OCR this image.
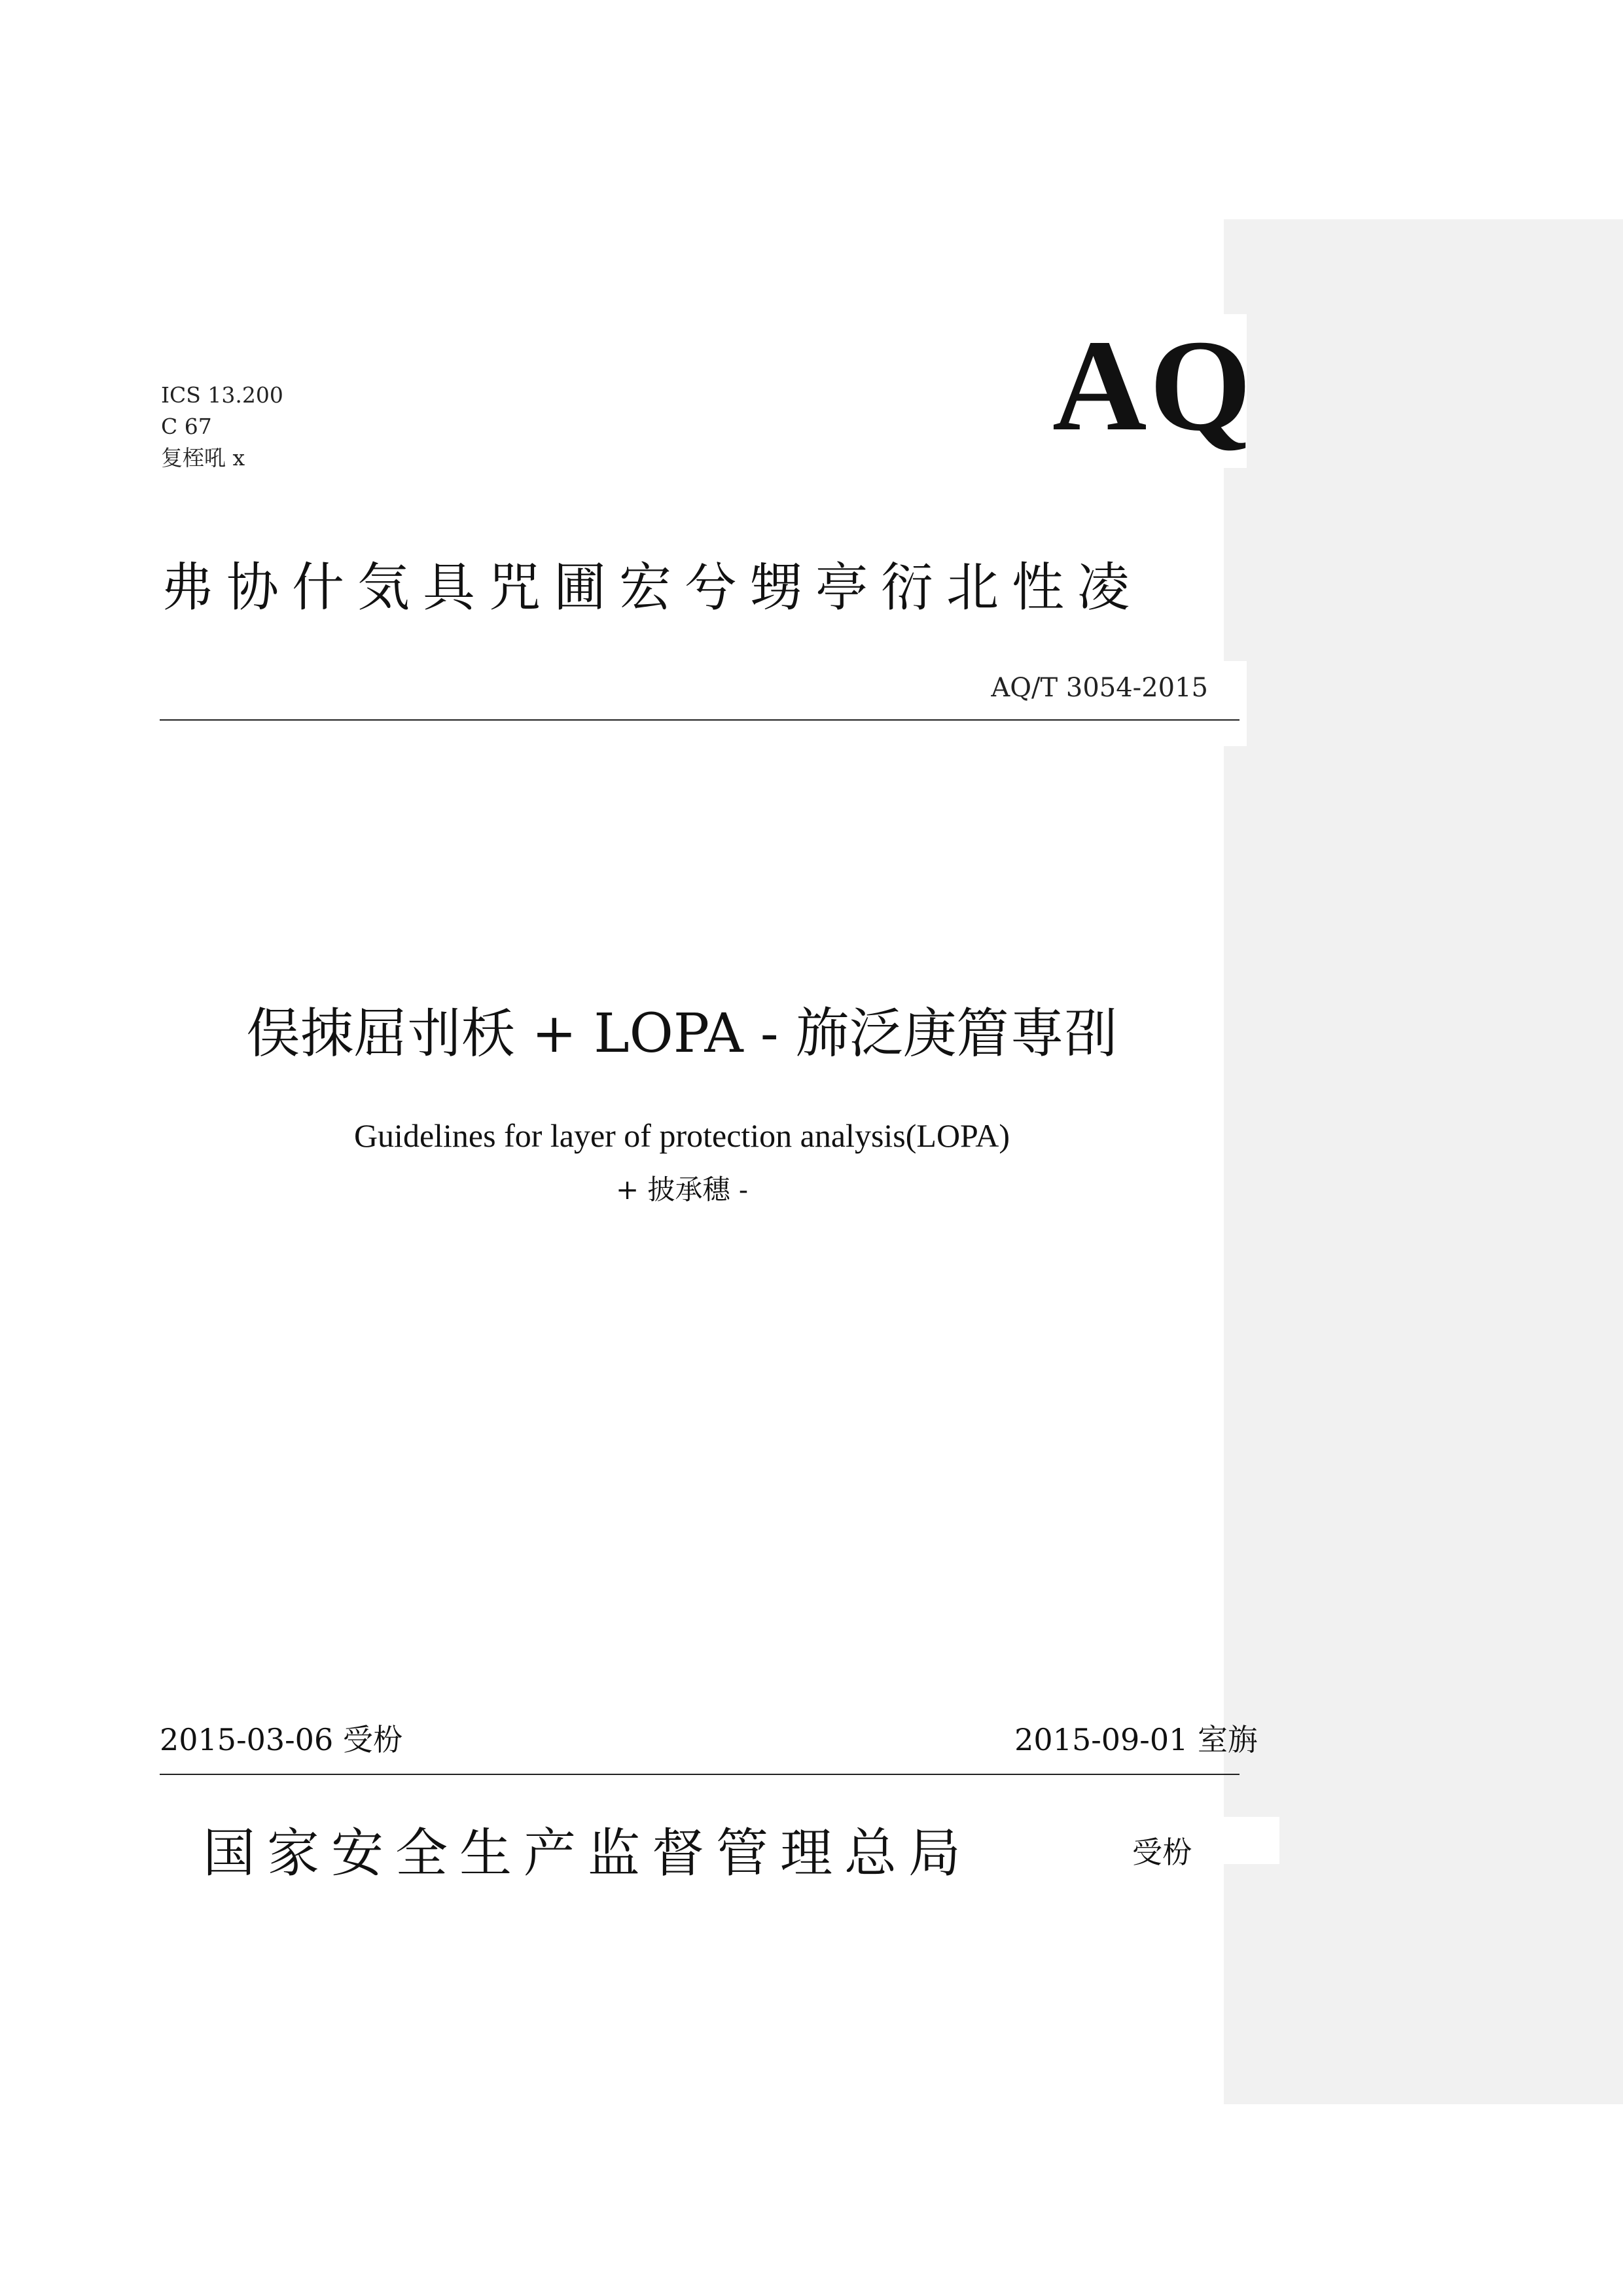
ICS 13.200
C 67
复桎吼 x	AQ
弗协什気具咒圃宏兮甥亭衍北性凌
AQ/T 3054-2015
俣拺屈刌枖 + LOPA - 斾泛庚篃専刟
Guidelines for layer of protection analysis(LOPA)
+ 披承穗 -
2015-03-06 受枌	2015-09-01 室旃
国家安全生产监督管理总局	受枌
